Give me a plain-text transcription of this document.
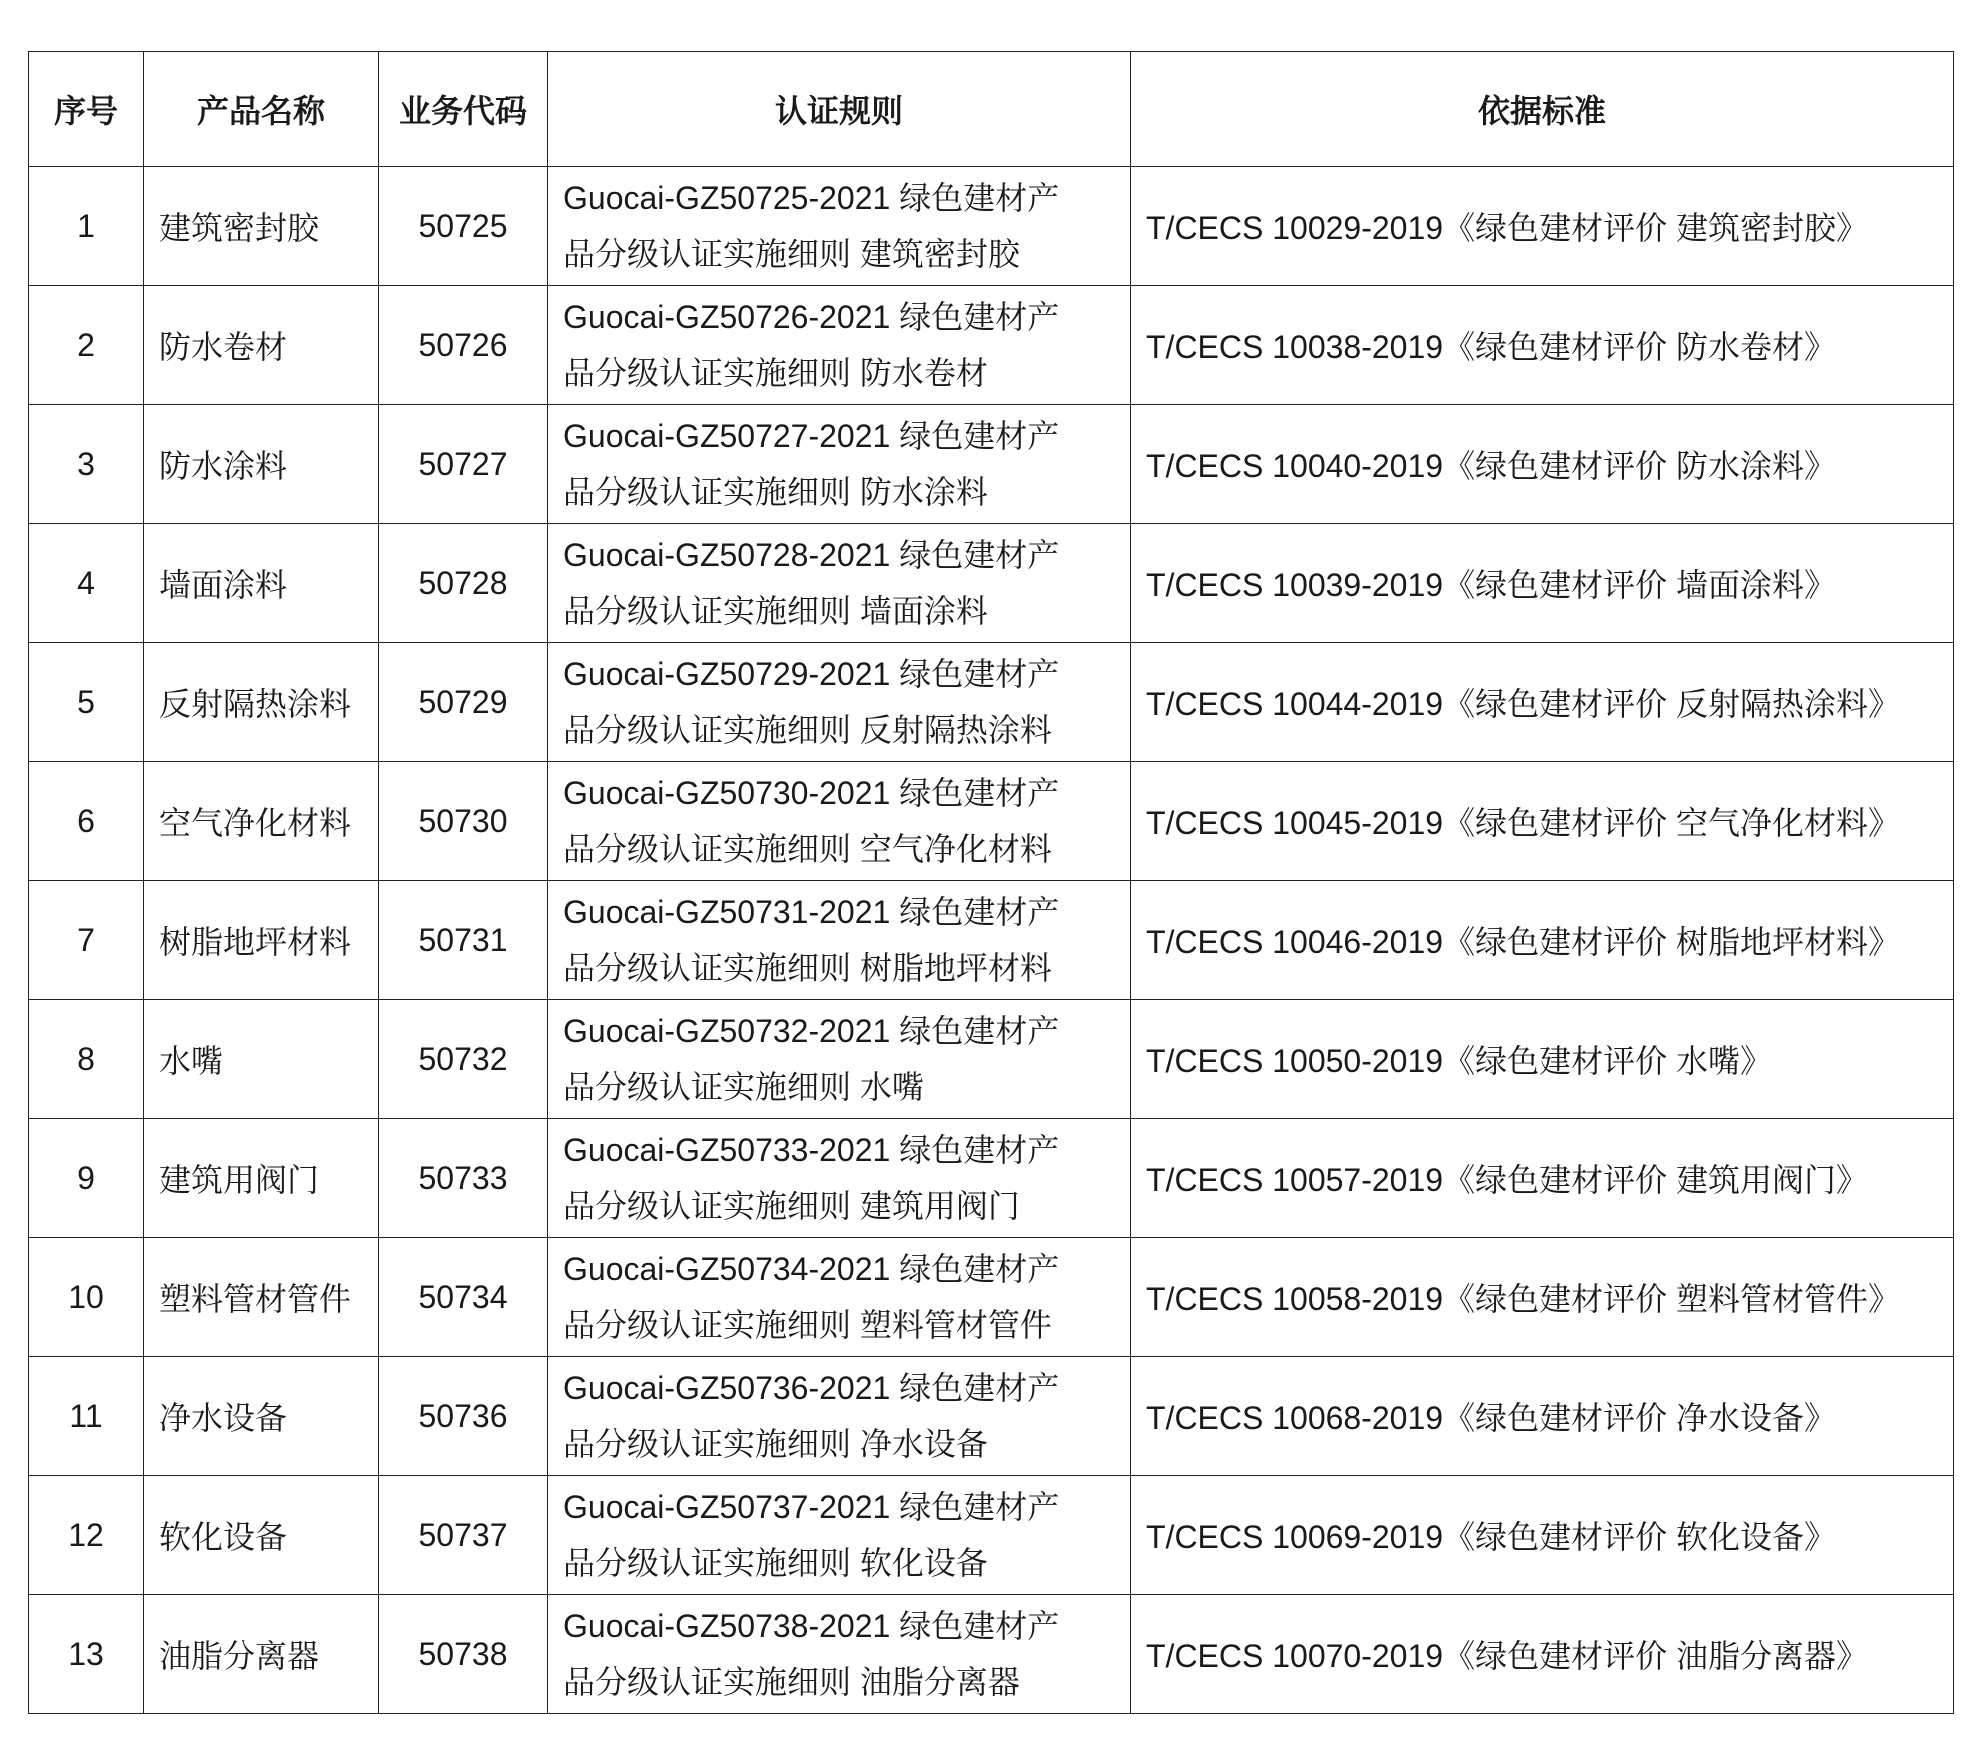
序号	产品名称	业务代码	认证规则	依据标准
1	建筑密封胶	50725	Guocai-GZ50725-2021 绿色建材产
品分级认证实施细则 建筑密封胶	T/CECS 10029-2019《绿色建材评价 建筑密封胶》
2	防水卷材	50726	Guocai-GZ50726-2021 绿色建材产
品分级认证实施细则 防水卷材	T/CECS 10038-2019《绿色建材评价 防水卷材》
3	防水涂料	50727	Guocai-GZ50727-2021 绿色建材产
品分级认证实施细则 防水涂料	T/CECS 10040-2019《绿色建材评价 防水涂料》
4	墙面涂料	50728	Guocai-GZ50728-2021 绿色建材产
品分级认证实施细则 墙面涂料	T/CECS 10039-2019《绿色建材评价 墙面涂料》
5	反射隔热涂料	50729	Guocai-GZ50729-2021 绿色建材产
品分级认证实施细则 反射隔热涂料	T/CECS 10044-2019《绿色建材评价 反射隔热涂料》
6	空气净化材料	50730	Guocai-GZ50730-2021 绿色建材产
品分级认证实施细则 空气净化材料	T/CECS 10045-2019《绿色建材评价 空气净化材料》
7	树脂地坪材料	50731	Guocai-GZ50731-2021 绿色建材产
品分级认证实施细则 树脂地坪材料	T/CECS 10046-2019《绿色建材评价 树脂地坪材料》
8	水嘴	50732	Guocai-GZ50732-2021 绿色建材产
品分级认证实施细则 水嘴	T/CECS 10050-2019《绿色建材评价 水嘴》
9	建筑用阀门	50733	Guocai-GZ50733-2021 绿色建材产
品分级认证实施细则 建筑用阀门	T/CECS 10057-2019《绿色建材评价 建筑用阀门》
10	塑料管材管件	50734	Guocai-GZ50734-2021 绿色建材产
品分级认证实施细则 塑料管材管件	T/CECS 10058-2019《绿色建材评价 塑料管材管件》
11	净水设备	50736	Guocai-GZ50736-2021 绿色建材产
品分级认证实施细则 净水设备	T/CECS 10068-2019《绿色建材评价 净水设备》
12	软化设备	50737	Guocai-GZ50737-2021 绿色建材产
品分级认证实施细则 软化设备	T/CECS 10069-2019《绿色建材评价 软化设备》
13	油脂分离器	50738	Guocai-GZ50738-2021 绿色建材产
品分级认证实施细则 油脂分离器	T/CECS 10070-2019《绿色建材评价 油脂分离器》
